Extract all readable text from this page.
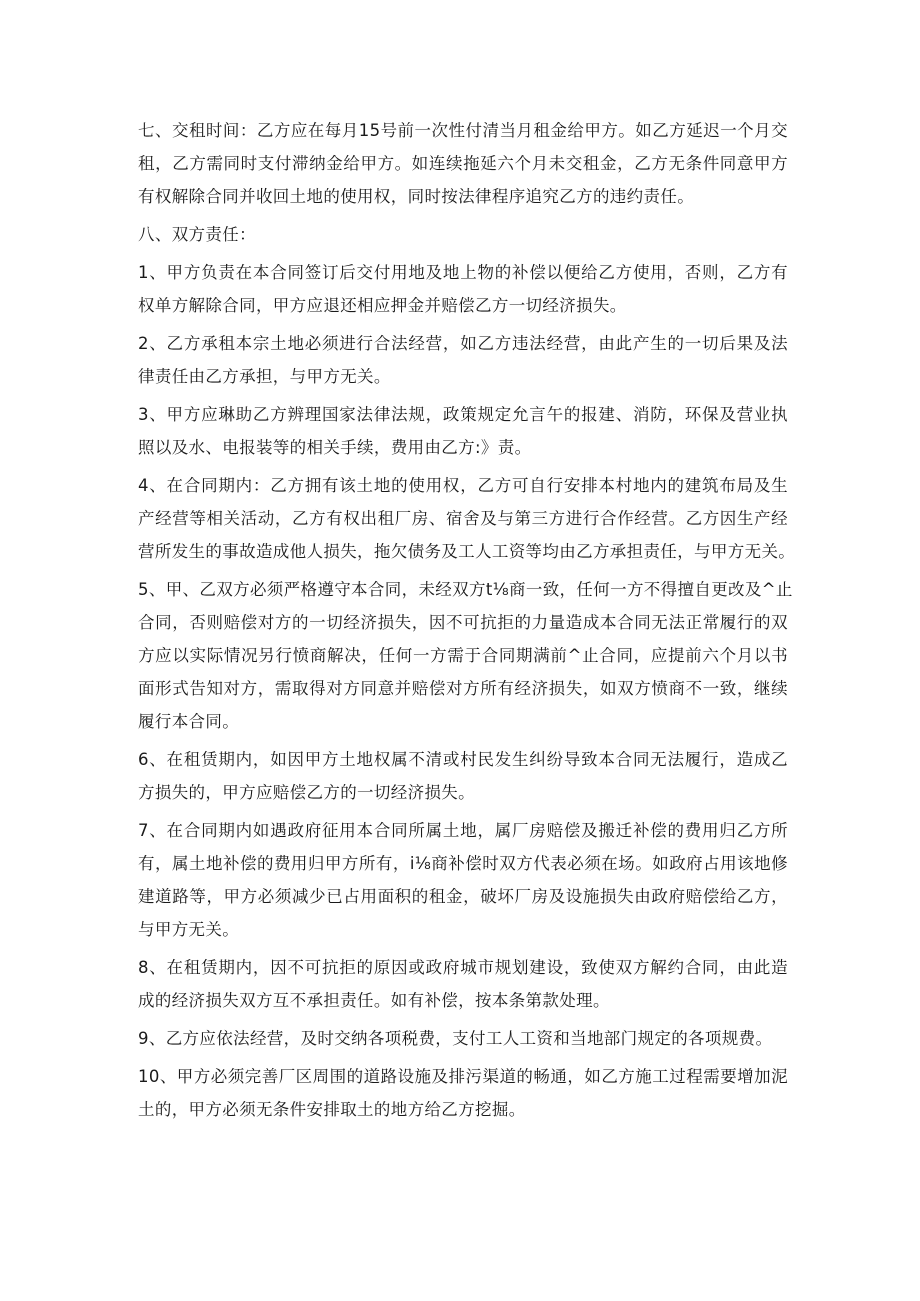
七、交租时间：乙方应在每月15号前一次性付清当月租金给甲方。如乙方延迟一个月交
租，乙方需同时支付滞纳金给甲方。如连续拖延六个月未交租金，乙方无条件同意甲方
有权解除合同并收回土地的使用权，同时按法律程序追究乙方的违约责任。
八、双方责任：
1、甲方负责在本合同签订后交付用地及地上物的补偿以便给乙方使用，否则，乙方有
权单方解除合同，甲方应退还相应押金并赔偿乙方一切经济损失。
2、乙方承租本宗土地必须进行合法经营，如乙方违法经营，由此产生的一切后果及法
律责任由乙方承担，与甲方无关。
3、甲方应琳助乙方辨理国家法律法规，政策规定允言午的报建、消防，环保及营业执
照以及水、电报装等的相关手续，费用由乙方:》责。
4、在合同期内：乙方拥有该土地的使用权，乙方可自行安排本村地内的建筑布局及生
产经营等相关活动，乙方有权出租厂房、宿舍及与第三方进行合作经营。乙方因生产经
营所发生的事故造成他人损失，拖欠债务及工人工资等均由乙方承担责任，与甲方无关。
5、甲、乙双方必须严格遵守本合同，未经双方t⅛商一致，任何一方不得擅自更改及^止
合同，否则赔偿对方的一切经济损失，因不可抗拒的力量造成本合同无法正常履行的双
方应以实际情况另行愤商解决，任何一方需于合同期满前^止合同，应提前六个月以书
面形式告知对方，需取得对方同意并赔偿对方所有经济损失，如双方愤商不一致，继续
履行本合同。
6、在租赁期内，如因甲方土地权属不清或村民发生纠纷导致本合同无法履行，造成乙
方损失的，甲方应赔偿乙方的一切经济损失。
7、在合同期内如遇政府征用本合同所属土地，属厂房赔偿及搬迁补偿的费用归乙方所
有，属土地补偿的费用归甲方所有，i⅛商补偿时双方代表必须在场。如政府占用该地修
建道路等，甲方必须减少已占用面积的租金，破坏厂房及设施损失由政府赔偿给乙方，
与甲方无关。
8、在租赁期内，因不可抗拒的原因或政府城市规划建设，致使双方解约合同，由此造
成的经济损失双方互不承担责任。如有补偿，按本条第款处理。
9、乙方应依法经营，及时交纳各项税费，支付工人工资和当地部门规定的各项规费。
10、甲方必须完善厂区周围的道路设施及排污渠道的畅通，如乙方施工过程需要增加泥
土的，甲方必须无条件安排取土的地方给乙方挖掘。
